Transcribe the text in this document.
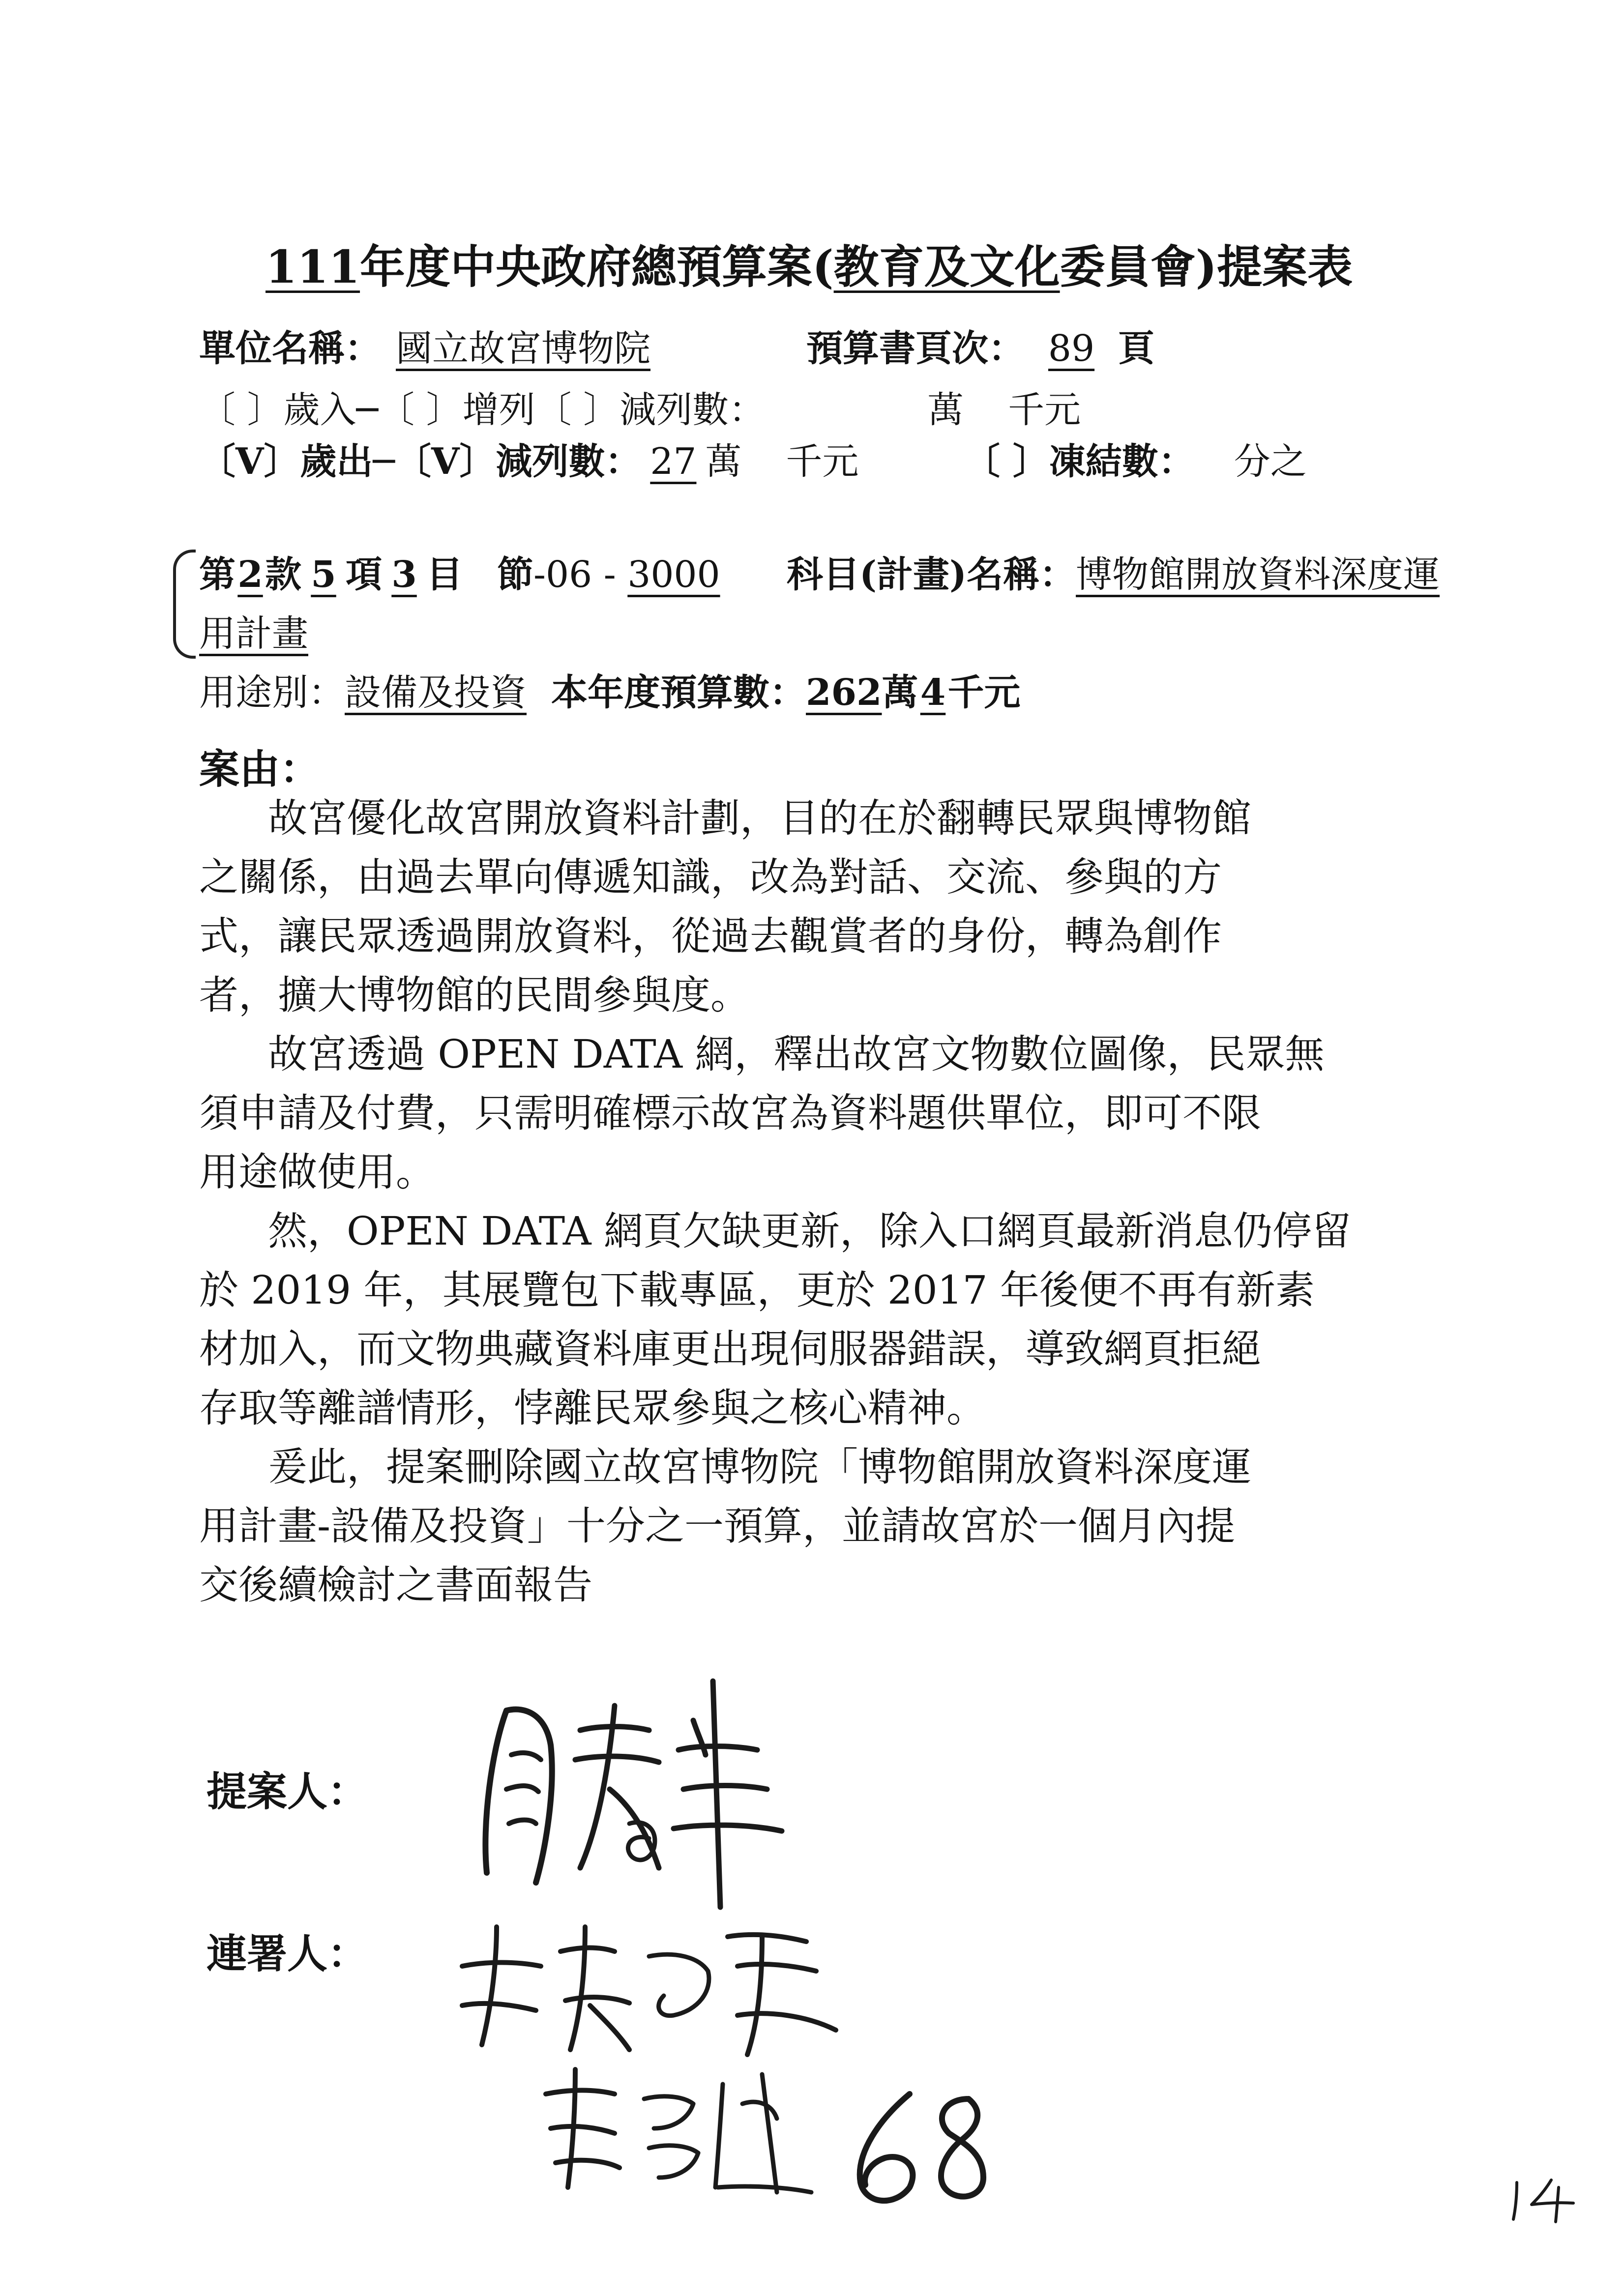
111年度中央政府總預算案(教育及文化委員會)提案表
單位名稱： 國立故宮博物院	預算書頁次： 89 頁
〔 〕歲入─〔 〕增列〔 〕減列數：	萬 千元
〔V〕歲出─〔V〕減列數： 27 萬 千元	〔 〕凍結數： 分之
第2款 5 項 3 目 節-06 - 3000 科目(計畫)名稱：博物館開放資料深度運
用計畫
用途別：設備及投資 本年度預算數：262萬4千元
案由：
故宮優化故宮開放資料計劃，目的在於翻轉民眾與博物館
之關係，由過去單向傳遞知識，改為對話、交流、參與的方
式，讓民眾透過開放資料，從過去觀賞者的身份，轉為創作
者，擴大博物館的民間參與度。
故宮透過 OPEN DATA 網，釋出故宮文物數位圖像，民眾無
須申請及付費，只需明確標示故宮為資料題供單位，即可不限
用途做使用。
然，OPEN DATA 網頁欠缺更新，除入口網頁最新消息仍停留
於 2019 年，其展覽包下載專區，更於 2017 年後便不再有新素
材加入，而文物典藏資料庫更出現伺服器錯誤，導致網頁拒絕
存取等離譜情形，悖離民眾參與之核心精神。
爰此，提案刪除國立故宮博物院「博物館開放資料深度運
用計畫-設備及投資」十分之一預算，並請故宮於一個月內提
交後續檢討之書面報告
提案人：
連署人：
